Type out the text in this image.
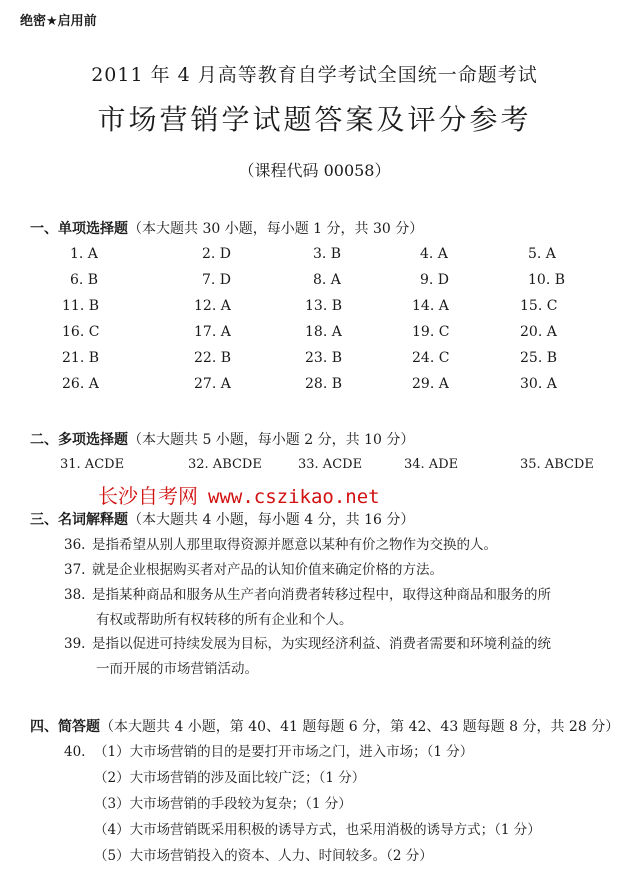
绝密★启用前
2011 年 4 月高等教育自学考试全国统一命题考试
市场营销学试题答案及评分参考
（课程代码 00058）
一、单项选择题（本大题共 30 小题，每小题 1 分，共 30 分）
1. A	2. D	3. B	4. A	5. A
6. B	7. D	8. A	9. D	10. B
11. B	12. A	13. B	14. A	15. C
16. C	17. A	18. A	19. C	20. A
21. B	22. B	23. B	24. C	25. B
26. A	27. A	28. B	29. A	30. A
二、多项选择题（本大题共 5 小题，每小题 2 分，共 10 分）
31. ACDE	32. ABCDE	33. ACDE	34. ADE	35. ABCDE
长沙自考网 www.cszikao.net
三、名词解释题（本大题共 4 小题，每小题 4 分，共 16 分）
36. 是指希望从别人那里取得资源并愿意以某种有价之物作为交换的人。
37. 就是企业根据购买者对产品的认知价值来确定价格的方法。
38. 是指某种商品和服务从生产者向消费者转移过程中，取得这种商品和服务的所
有权或帮助所有权转移的所有企业和个人。
39. 是指以促进可持续发展为目标，为实现经济利益、消费者需要和环境利益的统
一而开展的市场营销活动。
四、简答题（本大题共 4 小题，第 40、41 题每题 6 分，第 42、43 题每题 8 分，共 28 分）
40. （1）大市场营销的目的是要打开市场之门，进入市场；（1 分）
（2）大市场营销的涉及面比较广泛；（1 分）
（3）大市场营销的手段较为复杂；（1 分）
（4）大市场营销既采用积极的诱导方式，也采用消极的诱导方式；（1 分）
（5）大市场营销投入的资本、人力、时间较多。（2 分）
